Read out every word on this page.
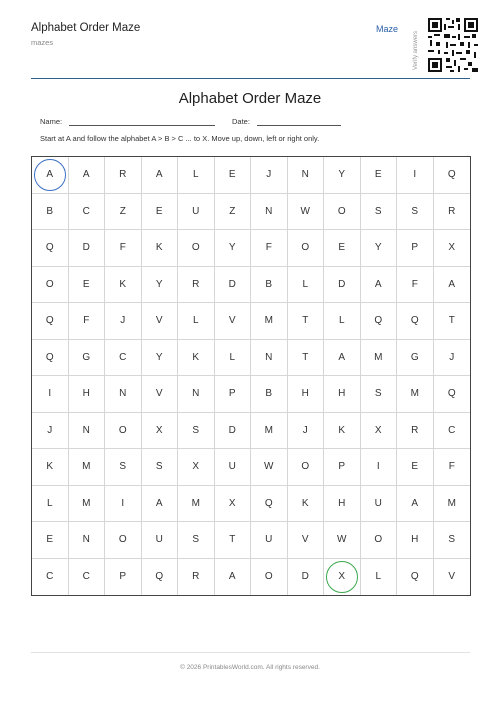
Alphabet Order Maze
mazes
Maze
Verify answers
Alphabet Order Maze
Name:	Date:
Start at A and follow the alphabet A > B > C ... to X. Move up, down, left or right only.
A	A	R	A	L	E	J	N	Y	E	I	Q
B	C	Z	E	U	Z	N	W	O	S	S	R
Q	D	F	K	O	Y	F	O	E	Y	P	X
O	E	K	Y	R	D	B	L	D	A	F	A
Q	F	J	V	L	V	M	T	L	Q	Q	T
Q	G	C	Y	K	L	N	T	A	M	G	J
I	H	N	V	N	P	B	H	H	S	M	Q
J	N	O	X	S	D	M	J	K	X	R	C
K	M	S	S	X	U	W	O	P	I	E	F
L	M	I	A	M	X	Q	K	H	U	A	M
E	N	O	U	S	T	U	V	W	O	H	S
C	C	P	Q	R	A	O	D	X	L	Q	V
© 2026 PrintablesWorld.com. All rights reserved.
